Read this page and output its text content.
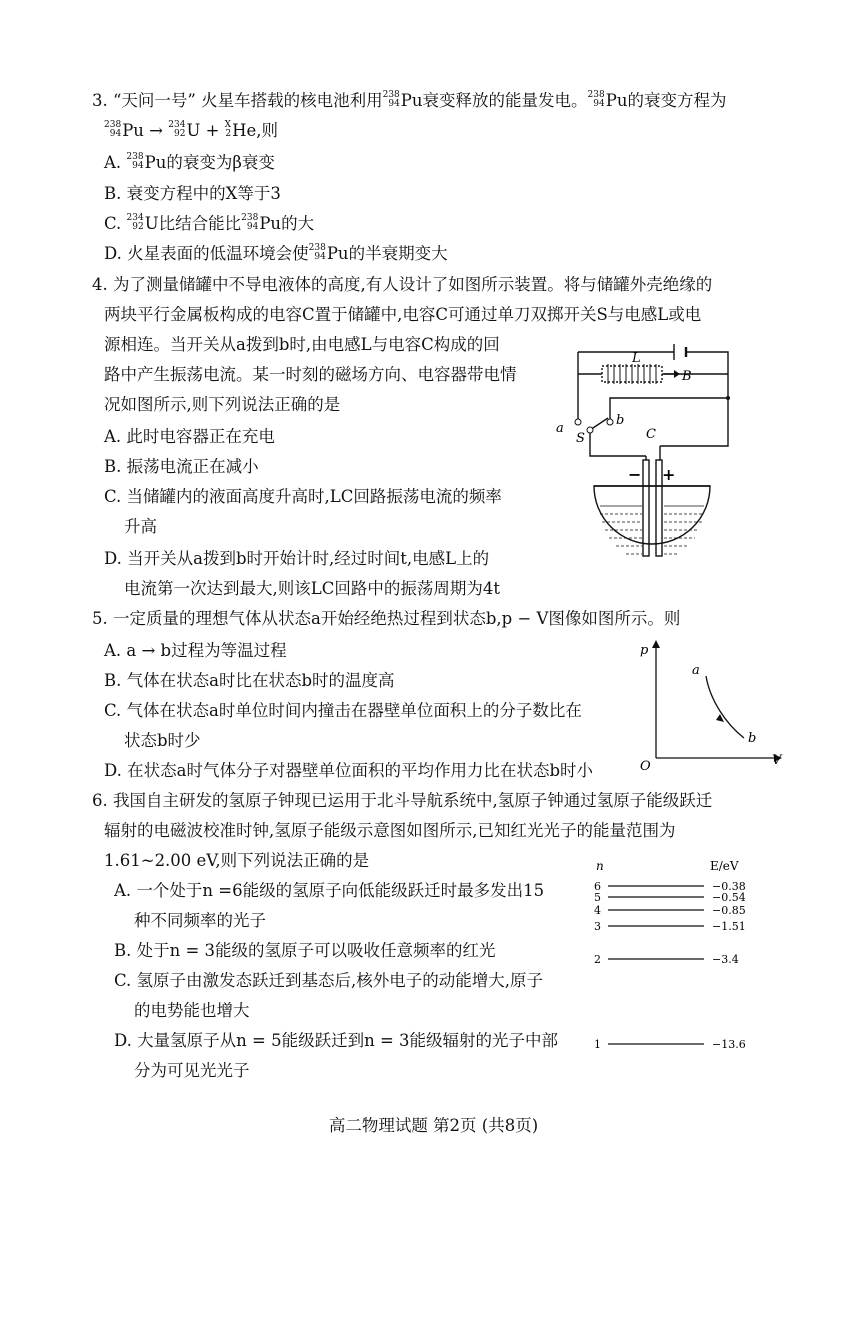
3. “天问一号” 火星车搭载的核电池利用 238
94 Pu衰变释放的能量发电。 238
94 Pu的衰变方程为
238
94 Pu → 234
92 U + X
2 He,则
A. 238
94 Pu的衰变为β衰变
B. 衰变方程中的X等于3
C. 234
92 U比结合能比 238
94 Pu的大
D. 火星表面的低温环境会使 238
94 Pu的半衰期变大
4. 为了测量储罐中不导电液体的高度,有人设计了如图所示装置。将与储罐外壳绝缘的
两块平行金属板构成的电容C置于储罐中,电容C可通过单刀双掷开关S与电感L或电
源相连。当开关从a拨到b时,由电感L与电容C构成的回
路中产生振荡电流。某一时刻的磁场方向、电容器带电情
况如图所示,则下列说法正确的是
A. 此时电容器正在充电
B. 振荡电流正在减小
C. 当储罐内的液面高度升高时,LC回路振荡电流的频率
升高
D. 当开关从a拨到b时开始计时,经过时间t,电感L上的
电流第一次达到最大,则该LC回路中的振荡周期为4t
L
B
a
b
S	C
− +
5. 一定质量的理想气体从状态a开始经绝热过程到状态b,p − V图像如图所示。则
A. a → b过程为等温过程
B. 气体在状态a时比在状态b时的温度高
C. 气体在状态a时单位时间内撞击在器壁单位面积上的分子数比在
状态b时少
D. 在状态a时气体分子对器壁单位面积的平均作用力比在状态b时小
p
V
O
a
b
6. 我国自主研发的氢原子钟现已运用于北斗导航系统中,氢原子钟通过氢原子能级跃迁
辐射的电磁波校准时钟,氢原子能级示意图如图所示,已知红光光子的能量范围为
1.61~2.00 eV,则下列说法正确的是
A. 一个处于n =6能级的氢原子向低能级跃迁时最多发出15
种不同频率的光子
B. 处于n = 3能级的氢原子可以吸收任意频率的红光
C. 氢原子由激发态跃迁到基态后,核外电子的动能增大,原子
的电势能也增大
D. 大量氢原子从n = 5能级跃迁到n = 3能级辐射的光子中部
分为可见光光子
n	E/eV
6	−0.38
5	−0.54
4	−0.85
3	−1.51
2	−3.4
1	−13.6
高二物理试题 第2页 (共8页)
